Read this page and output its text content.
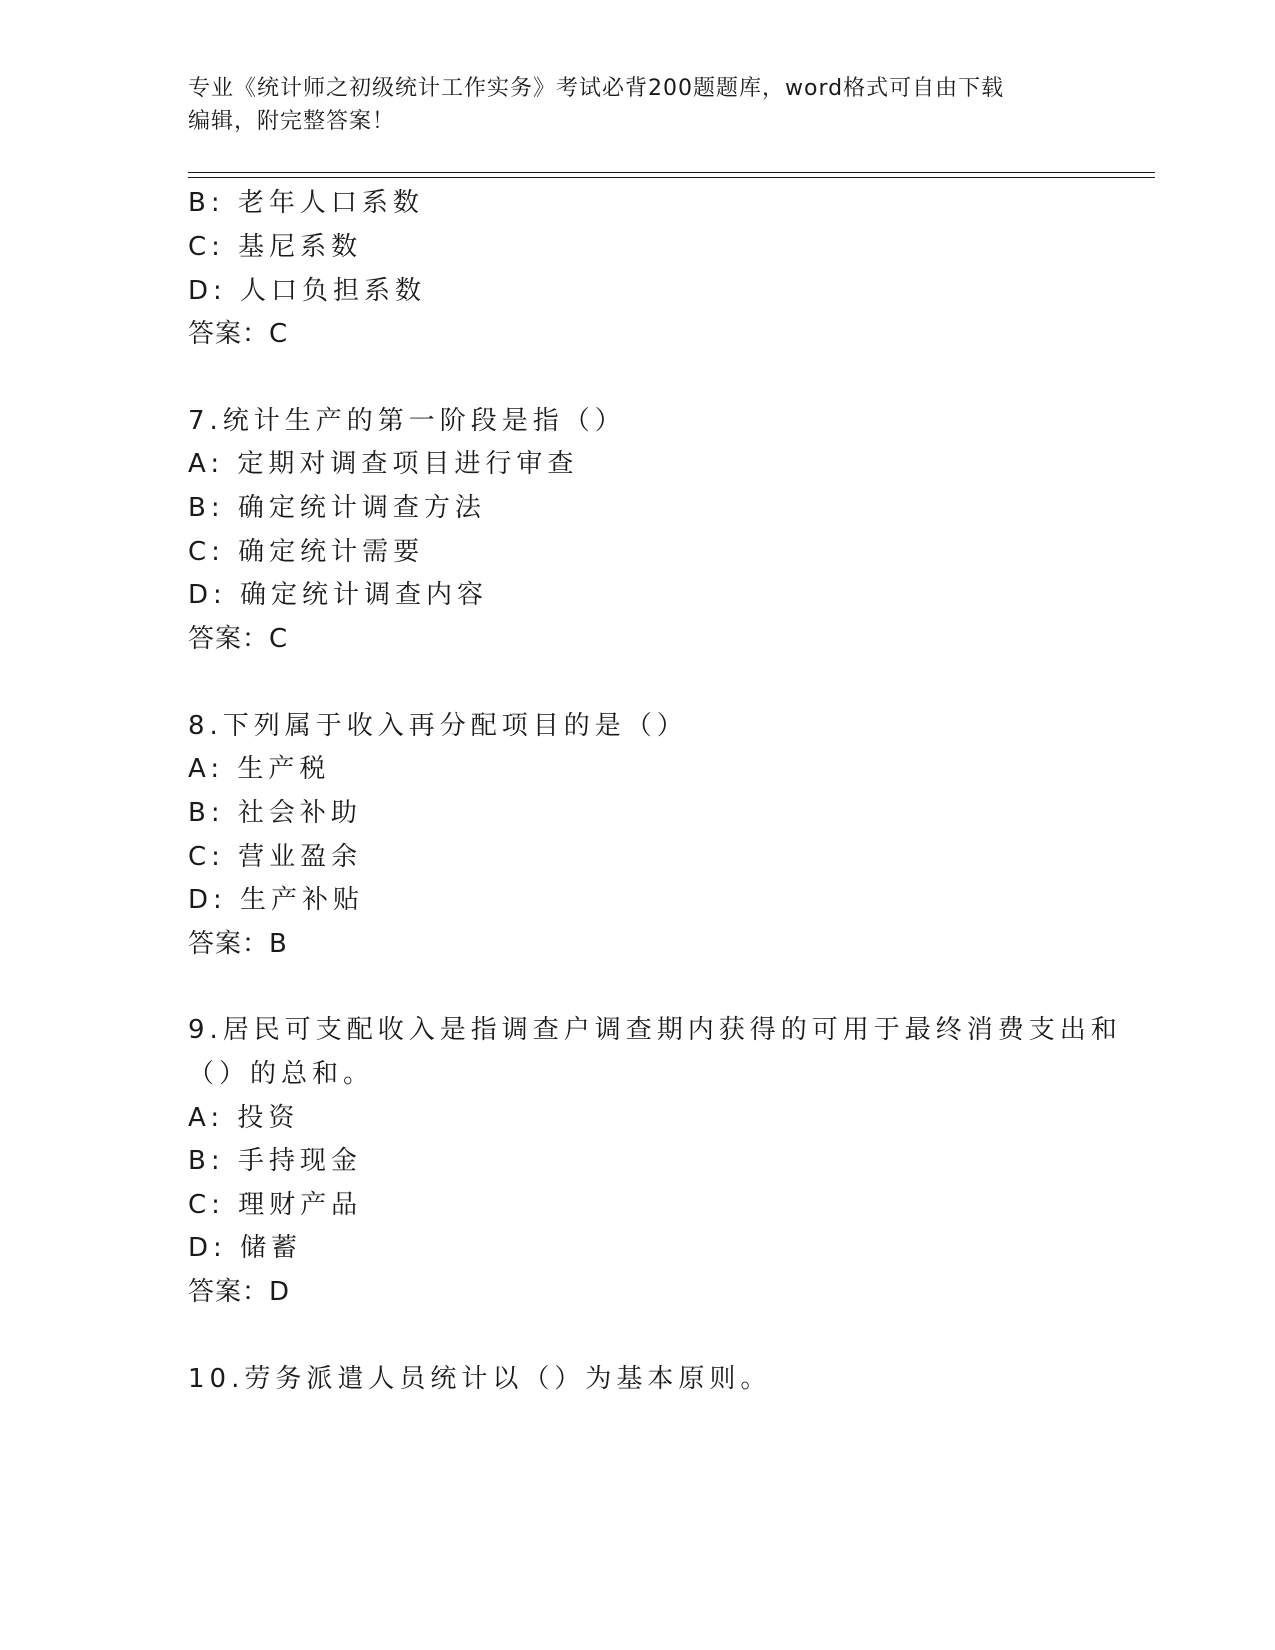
专业《统计师之初级统计工作实务》考试必背200题题库，word格式可自由下载
编辑，附完整答案！
B: 老年人口系数
C: 基尼系数
D: 人口负担系数
答案：C
7.统计生产的第一阶段是指（）
A: 定期对调查项目进行审查
B: 确定统计调查方法
C: 确定统计需要
D: 确定统计调查内容
答案：C
8.下列属于收入再分配项目的是（）
A: 生产税
B: 社会补助
C: 营业盈余
D: 生产补贴
答案：B
9.居民可支配收入是指调查户调查期内获得的可用于最终消费支出和
（）的总和。
A: 投资
B: 手持现金
C: 理财产品
D: 储蓄
答案：D
10.劳务派遣人员统计以（）为基本原则。
